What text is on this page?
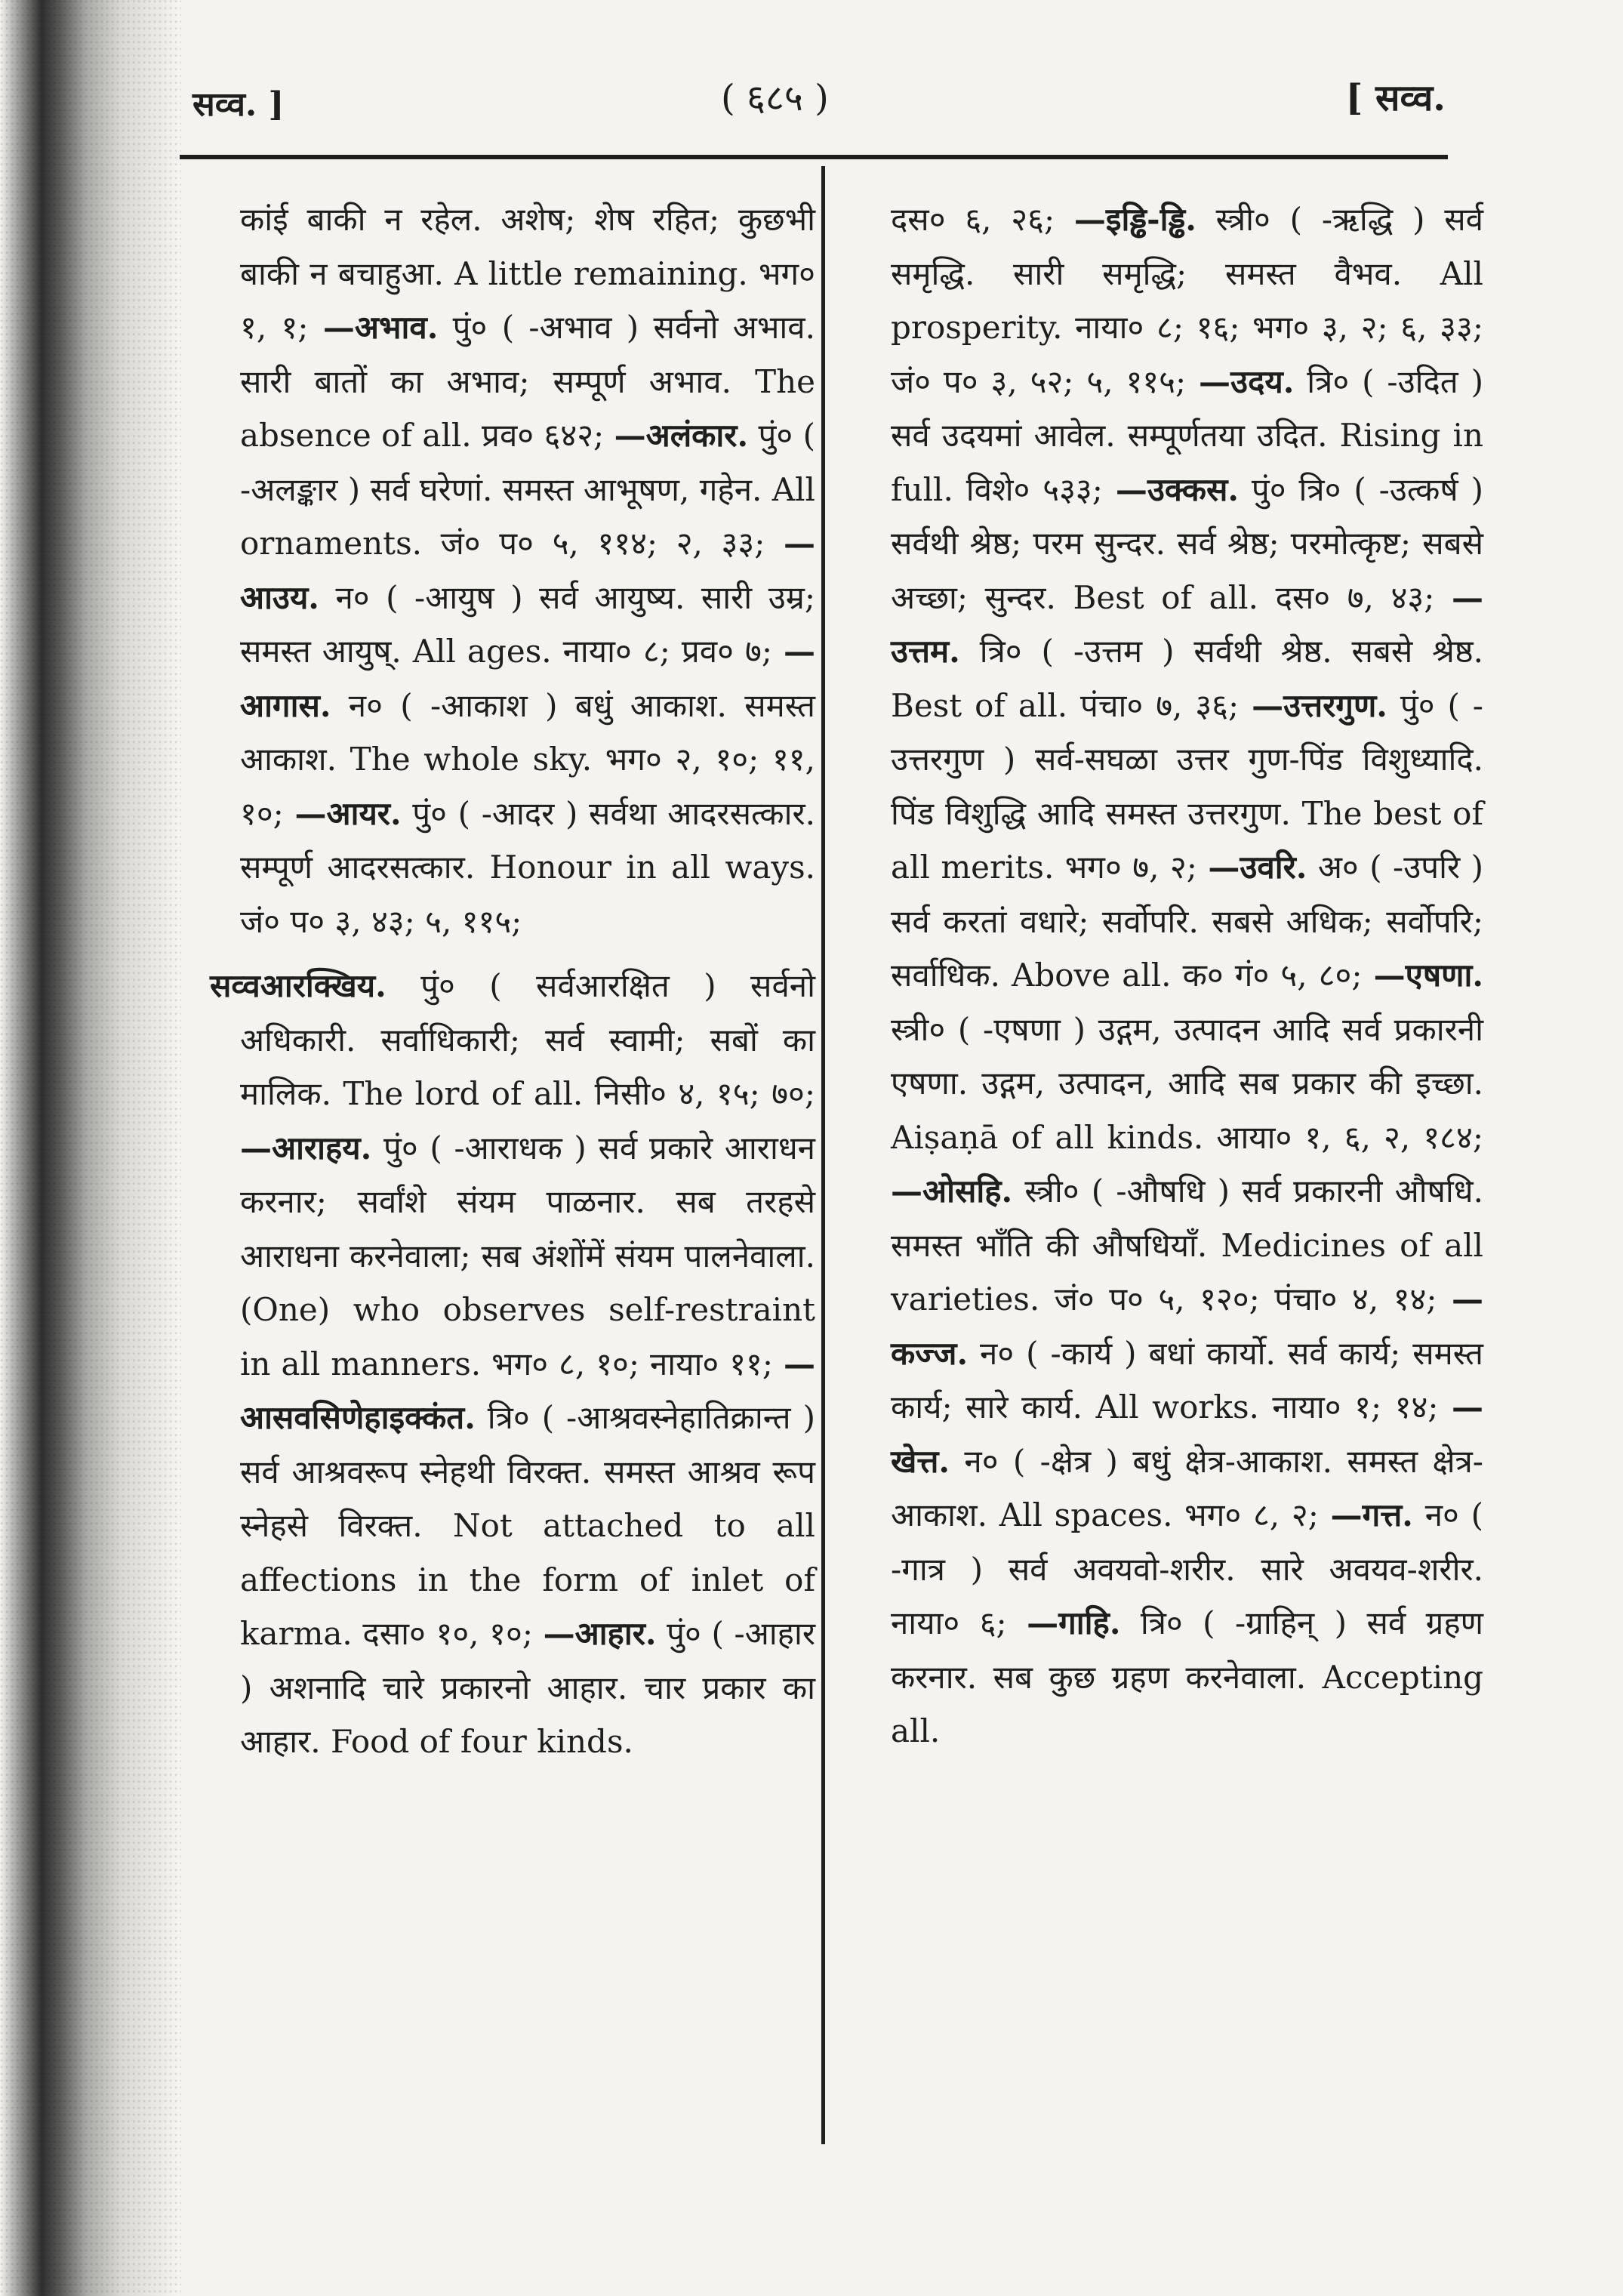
सव्व. ]	( ६८५ )	[ सव्व.

कांई बाकी न रहेल. अशेष; शेष रहित; कुछभी बाकी न बचाहुआ. A little remaining. भग० १, १; —अभाव. पुं० ( -अभाव ) सर्वनो अभाव. सारी बातों का अभाव; सम्पूर्ण अभाव. The absence of all. प्रव० ६४२; —अलंकार. पुं० ( -अलङ्कार ) सर्व घरेणां. समस्त आभूषण, गहेन. All ornaments. जं० प० ५, ११४; २, ३३; —आउय. न० ( -आयुष ) सर्व आयुष्य. सारी उम्र; समस्त आयुष्. All ages. नाया० ८; प्रव० ७; —आगास. न० ( -आकाश ) बधुं आकाश. समस्त आकाश. The whole sky. भग० २, १०; ११, १०; —आयर. पुं० ( -आदर ) सर्वथा आदरसत्कार. सम्पूर्ण आदरसत्कार. Honour in all ways. जं० प० ३, ४३; ५, ११५;

सव्वआरक्खिय. पुं० ( सर्वआरक्षित ) सर्वनो अधिकारी. सर्वाधिकारी; सर्व स्वामी; सबों का मालिक. The lord of all. निसी० ४, १५; ७०; —आराहय. पुं० ( -आराधक ) सर्व प्रकारे आराधन करनार; सर्वांशे संयम पाळनार. सब तरहसे आराधना करनेवाला; सब अंशोंमें संयम पालनेवाला. (One) who observes self-restraint in all manners. भग० ८, १०; नाया० ११; —आसवसिणेहाइक्कंत. त्रि० ( -आश्रवस्नेहातिक्रान्त ) सर्व आश्रवरूप स्नेहथी विरक्त. समस्त आश्रव रूप स्नेहसे विरक्त. Not attached to all affections in the form of inlet of karma. दसा० १०, १०; —आहार. पुं० ( -आहार ) अशनादि चारे प्रकारनो आहार. चार प्रकार का आहार. Food of four kinds.

दस० ६, २६; —इड्ढि-ड्ढि. स्त्री० ( -ऋद्धि ) सर्व समृद्धि. सारी समृद्धि; समस्त वैभव. All prosperity. नाया० ८; १६; भग० ३, २; ६, ३३; जं० प० ३, ५२; ५, ११५; —उदय. त्रि० ( -उदित ) सर्व उदयमां आवेल. सम्पूर्णतया उदित. Rising in full. विशे० ५३३; —उक्कस. पुं० त्रि० ( -उत्कर्ष ) सर्वथी श्रेष्ठ; परम सुन्दर. सर्व श्रेष्ठ; परमोत्कृष्ट; सबसे अच्छा; सुन्दर. Best of all. दस० ७, ४३; —उत्तम. त्रि० ( -उत्तम ) सर्वथी श्रेष्ठ. सबसे श्रेष्ठ. Best of all. पंचा० ७, ३६; —उत्तरगुण. पुं० ( -उत्तरगुण ) सर्व-सघळा उत्तर गुण-पिंड विशुध्यादि. पिंड विशुद्धि आदि समस्त उत्तरगुण. The best of all merits. भग० ७, २; —उवरि. अ० ( -उपरि ) सर्व करतां वधारे; सर्वोपरि. सबसे अधिक; सर्वोपरि; सर्वाधिक. Above all. क० गं० ५, ८०; —एषणा. स्त्री० ( -एषणा ) उद्गम, उत्पादन आदि सर्व प्रकारनी एषणा. उद्गम, उत्पादन, आदि सब प्रकार की इच्छा. Aiṣaṇā of all kinds. आया० १, ६, २, १८४; —ओसहि. स्त्री० ( -औषधि ) सर्व प्रकारनी औषधि. समस्त भाँति की औषधियाँ. Medicines of all varieties. जं० प० ५, १२०; पंचा० ४, १४; —कज्ज. न० ( -कार्य ) बधां कार्यो. सर्व कार्य; समस्त कार्य; सारे कार्य. All works. नाया० १; १४; —खेत्त. न० ( -क्षेत्र ) बधुं क्षेत्र-आकाश. समस्त क्षेत्र-आकाश. All spaces. भग० ८, २; —गत्त. न० ( -गात्र ) सर्व अवयवो-शरीर. सारे अवयव-शरीर. नाया० ६; —गाहि. त्रि० ( -ग्राहिन् ) सर्व ग्रहण करनार. सब कुछ ग्रहण करनेवाला. Accepting all.
